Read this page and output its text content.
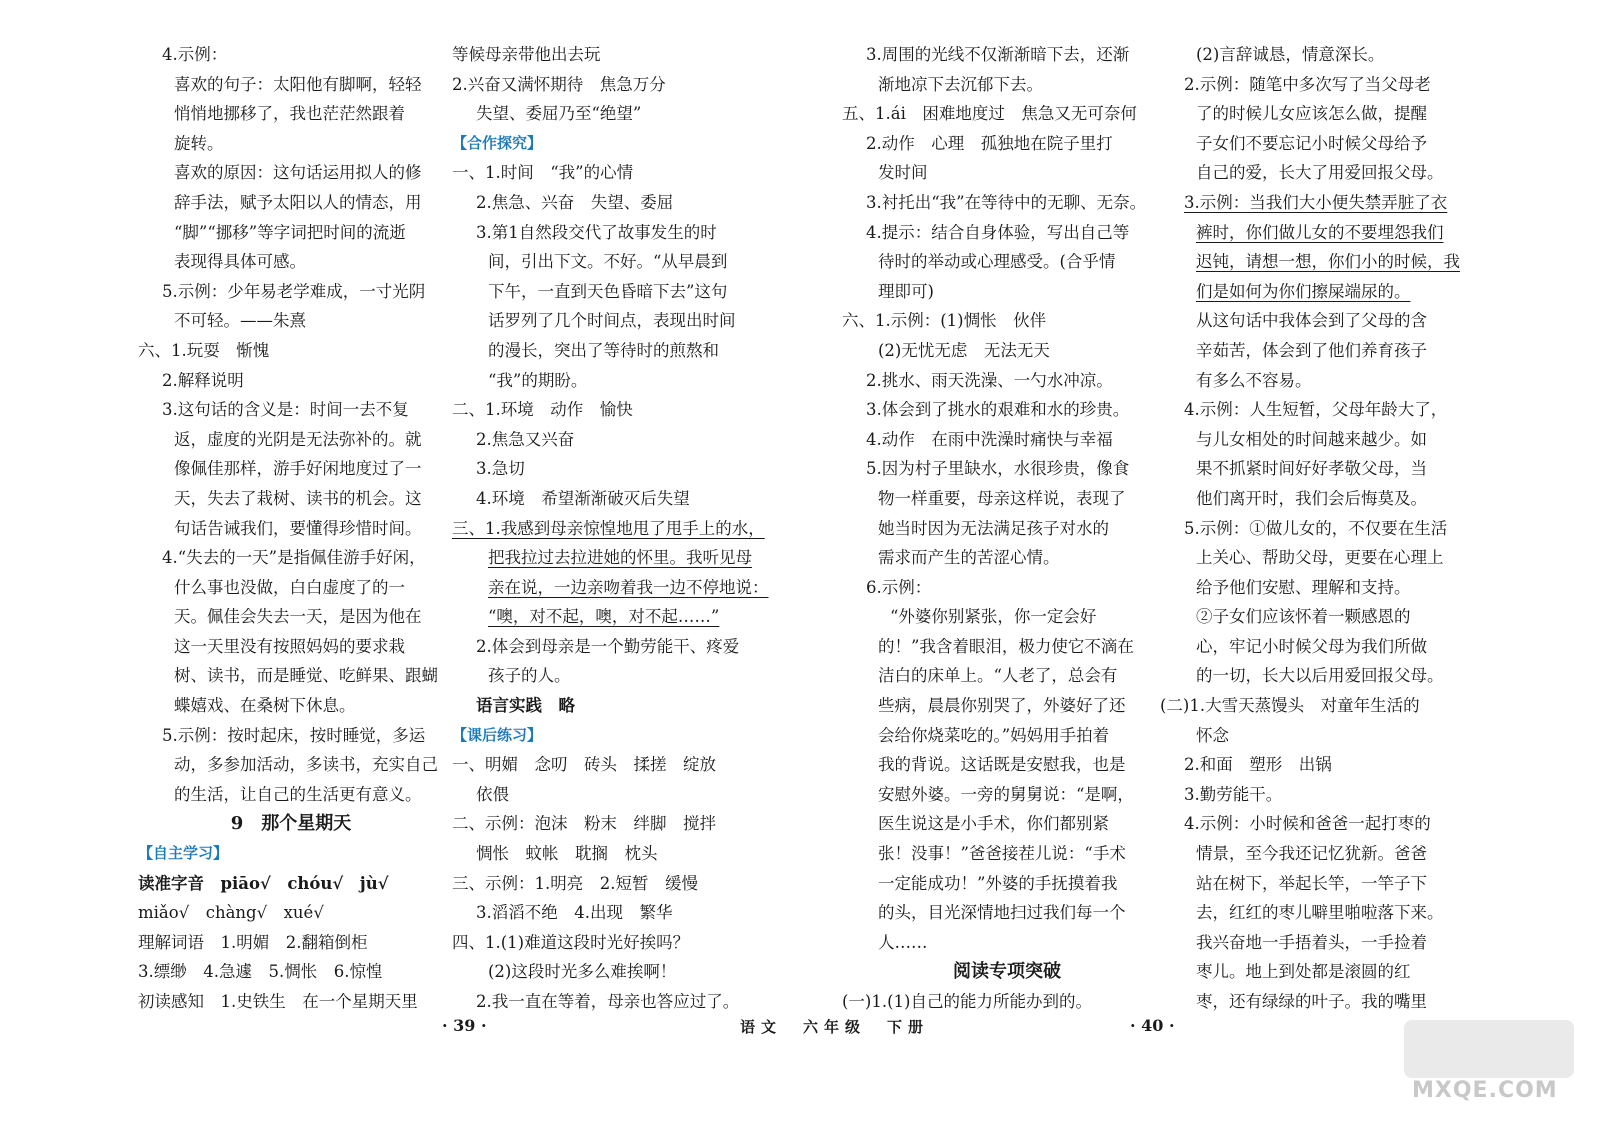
4.示例：
喜欢的句子：太阳他有脚啊，轻轻
悄悄地挪移了，我也茫茫然跟着
旋转。
喜欢的原因：这句话运用拟人的修
辞手法，赋予太阳以人的情态，用
“脚”“挪移”等字词把时间的流逝
表现得具体可感。
5.示例：少年易老学难成，一寸光阴
不可轻。——朱熹
六、1.玩耍　惭愧
2.解释说明
3.这句话的含义是：时间一去不复
返，虚度的光阴是无法弥补的。就
像佩佳那样，游手好闲地度过了一
天，失去了栽树、读书的机会。这
句话告诫我们，要懂得珍惜时间。
4.“失去的一天”是指佩佳游手好闲，
什么事也没做，白白虚度了的一
天。佩佳会失去一天，是因为他在
这一天里没有按照妈妈的要求栽
树、读书，而是睡觉、吃鲜果、跟蝴
蝶嬉戏、在桑树下休息。
5.示例：按时起床，按时睡觉，多运
动，多参加活动，多读书，充实自己
的生活，让自己的生活更有意义。
9　那个星期天
【自主学习】
读准字音　piāo√　chóu√　jù√
miǎo√　chàng√　xué√
理解词语　1.明媚　2.翻箱倒柜
3.缥缈　4.急遽　5.惆怅　6.惊惶
初读感知　1.史铁生　在一个星期天里
等候母亲带他出去玩
2.兴奋又满怀期待　焦急万分
失望、委屈乃至“绝望”
【合作探究】
一、1.时间　“我”的心情
2.焦急、兴奋　失望、委屈
3.第1自然段交代了故事发生的时
间，引出下文。不好。“从早晨到
下午，一直到天色昏暗下去”这句
话罗列了几个时间点，表现出时间
的漫长，突出了等待时的煎熬和
“我”的期盼。
二、1.环境　动作　愉快
2.焦急又兴奋
3.急切
4.环境　希望渐渐破灭后失望
三、1.我感到母亲惊惶地甩了甩手上的水，
把我拉过去拉进她的怀里。我听见母
亲在说，一边亲吻着我一边不停地说：
“噢，对不起，噢，对不起……”
2.体会到母亲是一个勤劳能干、疼爱
孩子的人。
语言实践　略
【课后练习】
一、明媚　念叨　砖头　揉搓　绽放
依偎
二、示例：泡沫　粉末　绊脚　搅拌
惆怅　蚊帐　耽搁　枕头
三、示例：1.明亮　2.短暂　缓慢
3.滔滔不绝　4.出现　繁华
四、1.(1)难道这段时光好挨吗？
(2)这段时光多么难挨啊！
2.我一直在等着，母亲也答应过了。
3.周围的光线不仅渐渐暗下去，还渐
渐地凉下去沉郁下去。
五、1.ái　困难地度过　焦急又无可奈何
2.动作　心理　孤独地在院子里打
发时间
3.衬托出“我”在等待中的无聊、无奈。
4.提示：结合自身体验，写出自己等
待时的举动或心理感受。(合乎情
理即可)
六、1.示例：(1)惆怅　伙伴
(2)无忧无虑　无法无天
2.挑水、雨天洗澡、一勺水冲凉。
3.体会到了挑水的艰难和水的珍贵。
4.动作　在雨中洗澡时痛快与幸福
5.因为村子里缺水，水很珍贵，像食
物一样重要，母亲这样说，表现了
她当时因为无法满足孩子对水的
需求而产生的苦涩心情。
6.示例：
“外婆你别紧张，你一定会好
的！”我含着眼泪，极力使它不滴在
洁白的床单上。“人老了，总会有
些病，晨晨你别哭了，外婆好了还
会给你烧菜吃的。”妈妈用手拍着
我的背说。这话既是安慰我，也是
安慰外婆。一旁的舅舅说：“是啊，
医生说这是小手术，你们都别紧
张！没事！”爸爸接茬儿说：“手术
一定能成功！”外婆的手抚摸着我
的头，目光深情地扫过我们每一个
人……
阅读专项突破
(一)1.(1)自己的能力所能办到的。
(2)言辞诚恳，情意深长。
2.示例：随笔中多次写了当父母老
了的时候儿女应该怎么做，提醒
子女们不要忘记小时候父母给予
自己的爱，长大了用爱回报父母。
3.示例：当我们大小便失禁弄脏了衣
裤时，你们做儿女的不要埋怨我们
迟钝，请想一想，你们小的时候，我
们是如何为你们擦屎端尿的。
从这句话中我体会到了父母的含
辛茹苦，体会到了他们养育孩子
有多么不容易。
4.示例：人生短暂，父母年龄大了，
与儿女相处的时间越来越少。如
果不抓紧时间好好孝敬父母，当
他们离开时，我们会后悔莫及。
5.示例：①做儿女的，不仅要在生活
上关心、帮助父母，更要在心理上
给予他们安慰、理解和支持。
②子女们应该怀着一颗感恩的
心，牢记小时候父母为我们所做
的一切，长大以后用爱回报父母。
(二)1.大雪天蒸馒头　对童年生活的
怀念
2.和面　塑形　出锅
3.勤劳能干。
4.示例：小时候和爸爸一起打枣的
情景，至今我还记忆犹新。爸爸
站在树下，举起长竿，一竿子下
去，红红的枣儿噼里啪啦落下来。
我兴奋地一手捂着头，一手捡着
枣儿。地上到处都是滚圆的红
枣，还有绿绿的叶子。我的嘴里
· 39 ·	语文　六年级　下册	· 40 ·
MXQE.COM
